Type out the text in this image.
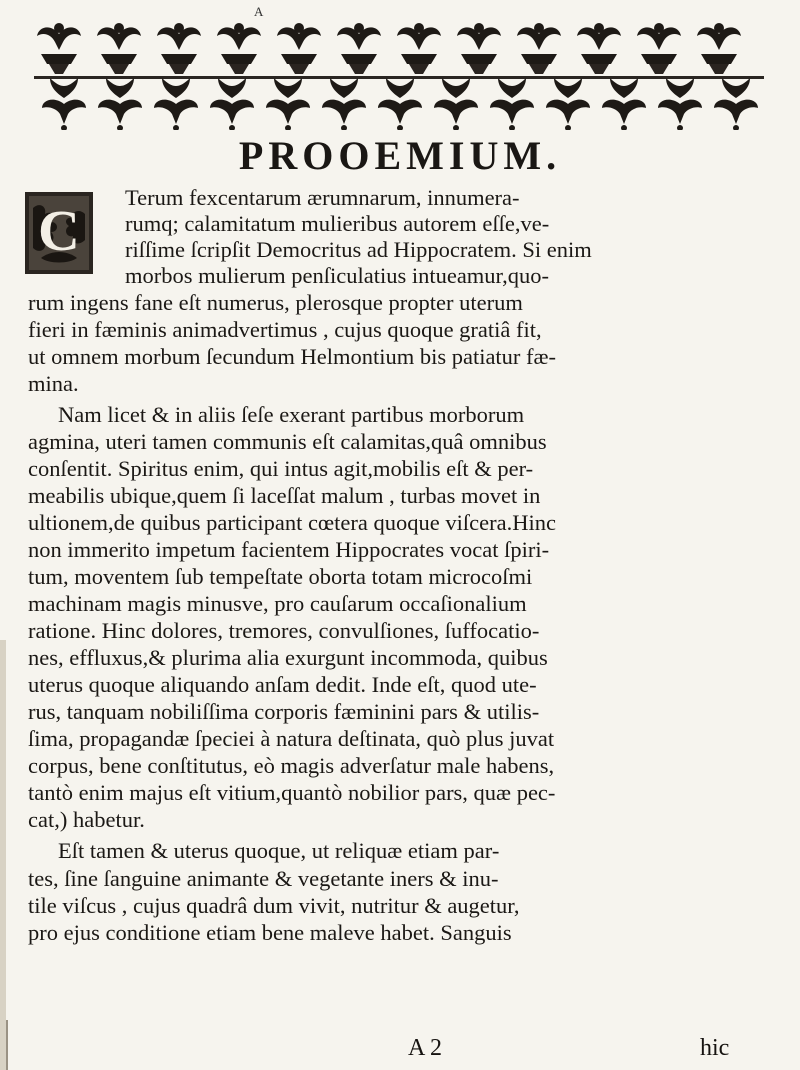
A
PROOEMIUM.
C
Terum fexcentarum ærumnarum, innumera-
rumq; calamitatum mulieribus autorem eſſe,ve-
riſſime ſcripſit Democritus ad Hippocratem. Si enim
morbos mulierum penſiculatius intueamur,quo-
rum ingens fane eſt numerus, plerosque propter uterum
fieri in fæminis animadvertimus , cujus quoque gratiâ fit,
ut omnem morbum ſecundum Helmontium bis patiatur fæ-
mina.
Nam licet & in aliis ſeſe exerant partibus morborum
agmina, uteri tamen communis eſt calamitas,quâ omnibus
conſentit. Spiritus enim, qui intus agit,mobilis eſt & per-
meabilis ubique,quem ſi laceſſat malum , turbas movet in
ultionem,de quibus participant cœtera quoque viſcera.Hinc
non immerito impetum facientem Hippocrates vocat ſpiri-
tum, moventem ſub tempeſtate oborta totam microcoſmi
machinam magis minusve, pro cauſarum occaſionalium
ratione. Hinc dolores, tremores, convulſiones, ſuffocatio-
nes, effluxus,& plurima alia exurgunt incommoda, quibus
uterus quoque aliquando anſam dedit. Inde eſt, quod ute-
rus, tanquam nobiliſſima corporis fæminini pars & utilis-
ſima, propagandæ ſpeciei à natura deſtinata, quò plus juvat
corpus, bene conſtitutus, eò magis adverſatur male habens,
tantò enim majus eſt vitium,quantò nobilior pars, quæ pec-
cat,) habetur.
Eſt tamen & uterus quoque, ut reliquæ etiam par-
tes, ſine ſanguine animante & vegetante iners & inu-
tile viſcus , cujus quadrâ dum vivit, nutritur & augetur,
pro ejus conditione etiam bene maleve habet. Sanguis
A 2	hic
